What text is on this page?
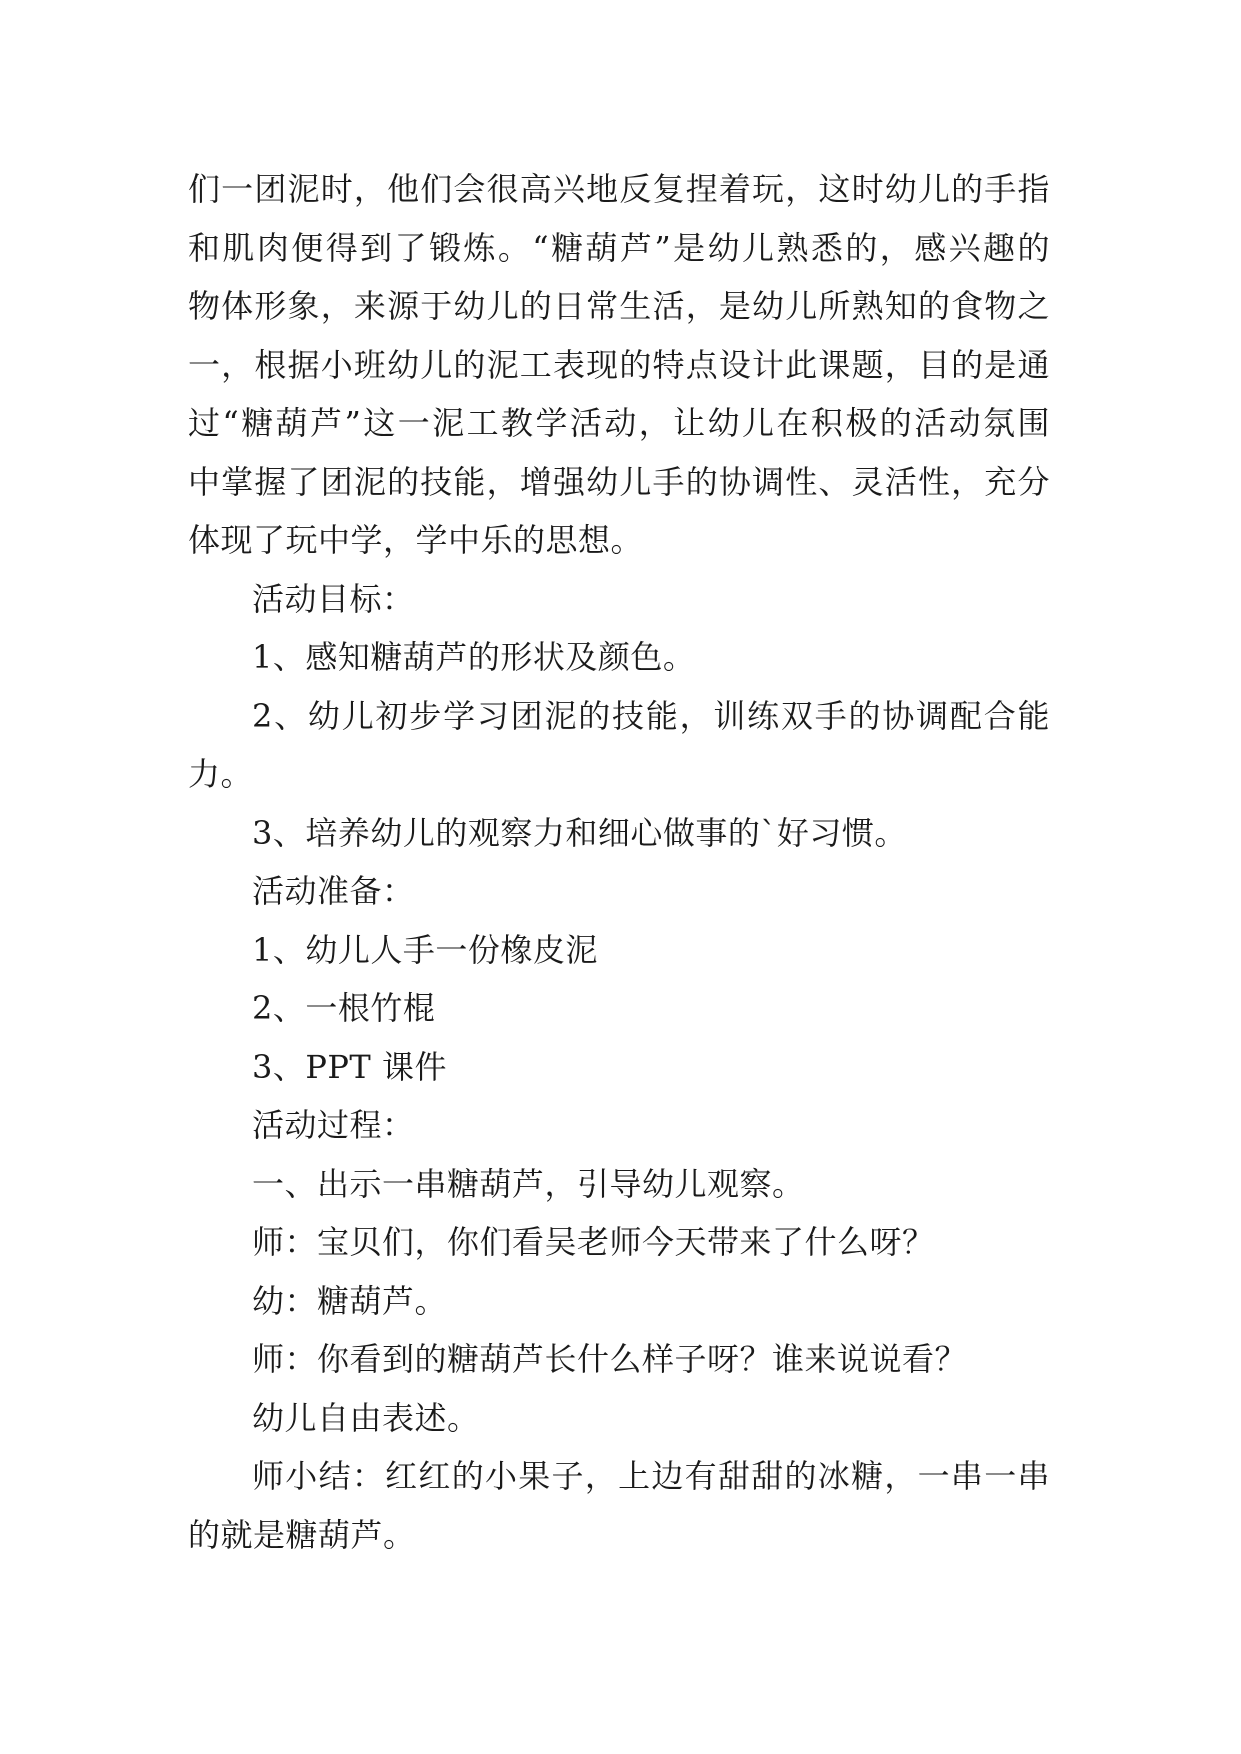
们一团泥时，他们会很高兴地反复捏着玩，这时幼儿的手指
和肌肉便得到了锻炼。“糖葫芦”是幼儿熟悉的，感兴趣的
物体形象，来源于幼儿的日常生活，是幼儿所熟知的食物之
一，根据小班幼儿的泥工表现的特点设计此课题，目的是通
过“糖葫芦”这一泥工教学活动，让幼儿在积极的活动氛围
中掌握了团泥的技能，增强幼儿手的协调性、灵活性，充分
体现了玩中学，学中乐的思想。
活动目标：
1、感知糖葫芦的形状及颜色。
2、幼儿初步学习团泥的技能，训练双手的协调配合能
力。
3、培养幼儿的观察力和细心做事的`好习惯。
活动准备：
1、幼儿人手一份橡皮泥
2、一根竹棍
3、PPT 课件
活动过程：
一、出示一串糖葫芦，引导幼儿观察。
师：宝贝们，你们看吴老师今天带来了什么呀？
幼：糖葫芦。
师：你看到的糖葫芦长什么样子呀？谁来说说看？
幼儿自由表述。
师小结：红红的小果子，上边有甜甜的冰糖，一串一串
的就是糖葫芦。
